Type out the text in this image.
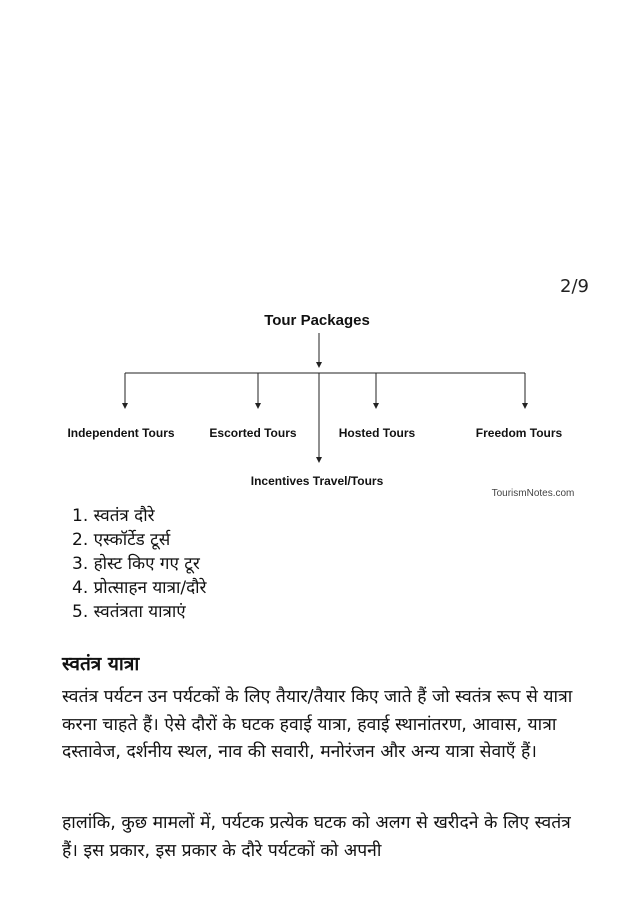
2/9
Tour Packages
Independent Tours	Escorted Tours
Incentives Travel/Tours
Hosted Tours	Freedom Tours
TourismNotes.com
1. स्वतंत्र दौरे
2. एस्कॉर्टेड टूर्स
3. होस्ट किए गए टूर
4. प्रोत्साहन यात्रा/दौरे
5. स्वतंत्रता यात्राएं
स्वतंत्र यात्रा

स्वतंत्र पर्यटन उन पर्यटकों के लिए तैयार/तैयार किए जाते हैं जो स्वतंत्र रूप से यात्रा करना चाहते हैं। ऐसे दौरों के घटक हवाई यात्रा, हवाई स्थानांतरण, आवास, यात्रा दस्तावेज, दर्शनीय स्थल, नाव की सवारी, मनोरंजन और अन्य यात्रा सेवाएँ हैं।

हालांकि, कुछ मामलों में, पर्यटक प्रत्येक घटक को अलग से खरीदने के लिए स्वतंत्र हैं। इस प्रकार, इस प्रकार के दौरे पर्यटकों को अपनी
